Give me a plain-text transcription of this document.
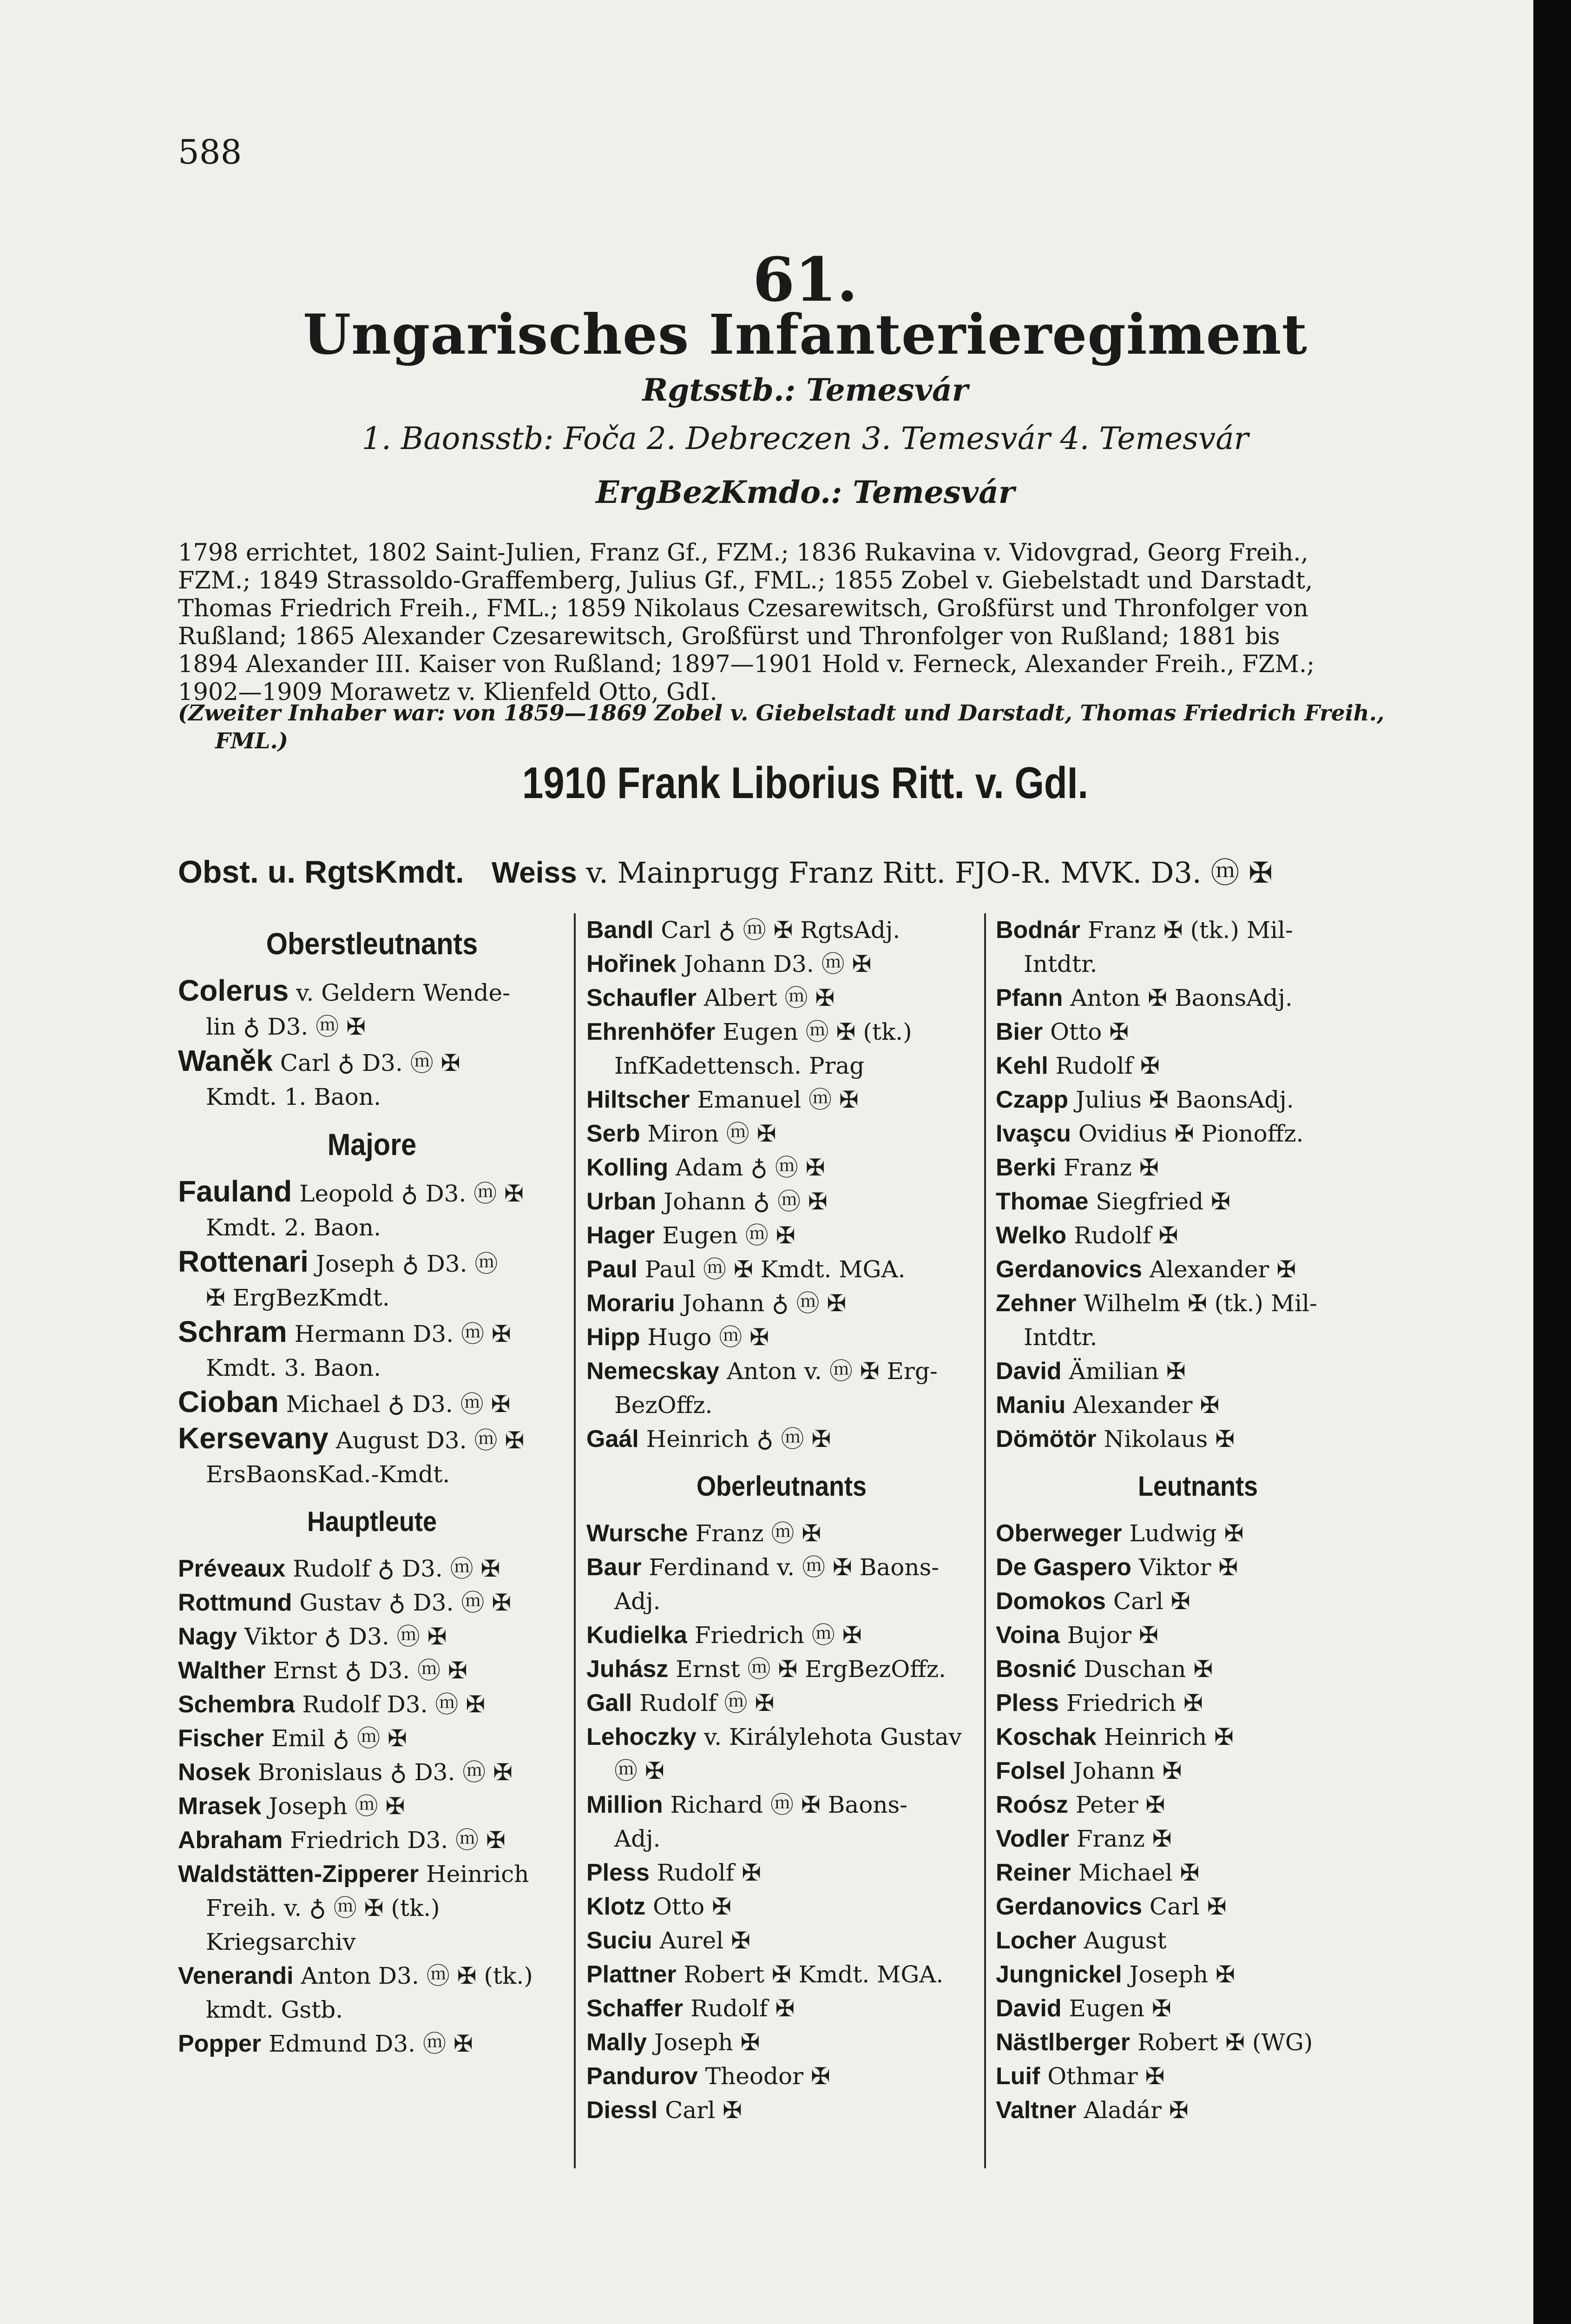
588
61.
Ungarisches Infanterieregiment
Rgtsstb.: Temesvár
1. Baonsstb: Foča 2. Debreczen 3. Temesvár 4. Temesvár
ErgBezKmdo.: Temesvár

1798 errichtet, 1802 Saint-Julien, Franz Gf., FZM.; 1836 Rukavina v. Vidovgrad, Georg Freih.,

FZM.; 1849 Strassoldo-Graffemberg, Julius Gf., FML.; 1855 Zobel v. Giebelstadt und Darstadt,

Thomas Friedrich Freih., FML.; 1859 Nikolaus Czesarewitsch, Großfürst und Thronfolger von

Rußland; 1865 Alexander Czesarewitsch, Großfürst und Thronfolger von Rußland; 1881 bis

1894 Alexander III. Kaiser von Rußland; 1897—1901 Hold v. Ferneck, Alexander Freih., FZM.;

1902—1909 Morawetz v. Klienfeld Otto, GdI.

(Zweiter Inhaber war: von 1859—1869 Zobel v. Giebelstadt und Darstadt, Thomas Friedrich Freih.,
FML.)
1910 Frank Liborius Ritt. v. GdI.
Obst. u. RgtsKmdt. Weiss v. Mainprugg Franz Ritt. FJO-R. MVK. D3. ⓜ ✠
Oberstleutnants
Colerus v. Geldern Wende-
lin ♁ D3. ⓜ ✠
Waněk Carl ♁ D3. ⓜ ✠
Kmdt. 1. Baon.
Majore
Fauland Leopold ♁ D3. ⓜ ✠
Kmdt. 2. Baon.
Rottenari Joseph ♁ D3. ⓜ
✠ ErgBezKmdt.
Schram Hermann D3. ⓜ ✠
Kmdt. 3. Baon.
Cioban Michael ♁ D3. ⓜ ✠
Kersevany August D3. ⓜ ✠
ErsBaonsKad.-Kmdt.
Hauptleute
Préveaux Rudolf ♁ D3. ⓜ ✠
Rottmund Gustav ♁ D3. ⓜ ✠
Nagy Viktor ♁ D3. ⓜ ✠
Walther Ernst ♁ D3. ⓜ ✠
Schembra Rudolf D3. ⓜ ✠
Fischer Emil ♁ ⓜ ✠
Nosek Bronislaus ♁ D3. ⓜ ✠
Mrasek Joseph ⓜ ✠
Abraham Friedrich D3. ⓜ ✠
Waldstätten-Zipperer Heinrich
Freih. v. ♁ ⓜ ✠ (tk.)
Kriegsarchiv
Venerandi Anton D3. ⓜ ✠ (tk.)
kmdt. Gstb.
Popper Edmund D3. ⓜ ✠
Bandl Carl ♁ ⓜ ✠ RgtsAdj.
Hořinek Johann D3. ⓜ ✠
Schaufler Albert ⓜ ✠
Ehrenhöfer Eugen ⓜ ✠ (tk.)
InfKadettensch. Prag
Hiltscher Emanuel ⓜ ✠
Serb Miron ⓜ ✠
Kolling Adam ♁ ⓜ ✠
Urban Johann ♁ ⓜ ✠
Hager Eugen ⓜ ✠
Paul Paul ⓜ ✠ Kmdt. MGA.
Morariu Johann ♁ ⓜ ✠
Hipp Hugo ⓜ ✠
Nemecskay Anton v. ⓜ ✠ Erg-
BezOffz.
Gaál Heinrich ♁ ⓜ ✠
Oberleutnants
Wursche Franz ⓜ ✠
Baur Ferdinand v. ⓜ ✠ Baons-
Adj.
Kudielka Friedrich ⓜ ✠
Juhász Ernst ⓜ ✠ ErgBezOffz.
Gall Rudolf ⓜ ✠
Lehoczky v. Királylehota Gustav
ⓜ ✠
Million Richard ⓜ ✠ Baons-
Adj.
Pless Rudolf ✠
Klotz Otto ✠
Suciu Aurel ✠
Plattner Robert ✠ Kmdt. MGA.
Schaffer Rudolf ✠
Mally Joseph ✠
Pandurov Theodor ✠
Diessl Carl ✠
Bodnár Franz ✠ (tk.) Mil-
Intdtr.
Pfann Anton ✠ BaonsAdj.
Bier Otto ✠
Kehl Rudolf ✠
Czapp Julius ✠ BaonsAdj.
Ivaşcu Ovidius ✠ Pionoffz.
Berki Franz ✠
Thomae Siegfried ✠
Welko Rudolf ✠
Gerdanovics Alexander ✠
Zehner Wilhelm ✠ (tk.) Mil-
Intdtr.
David Ämilian ✠
Maniu Alexander ✠
Dömötör Nikolaus ✠
Leutnants
Oberweger Ludwig ✠
De Gaspero Viktor ✠
Domokos Carl ✠
Voina Bujor ✠
Bosnić Duschan ✠
Pless Friedrich ✠
Koschak Heinrich ✠
Folsel Johann ✠
Roósz Peter ✠
Vodler Franz ✠
Reiner Michael ✠
Gerdanovics Carl ✠
Locher August
Jungnickel Joseph ✠
David Eugen ✠
Nästlberger Robert ✠ (WG)
Luif Othmar ✠
Valtner Aladár ✠
